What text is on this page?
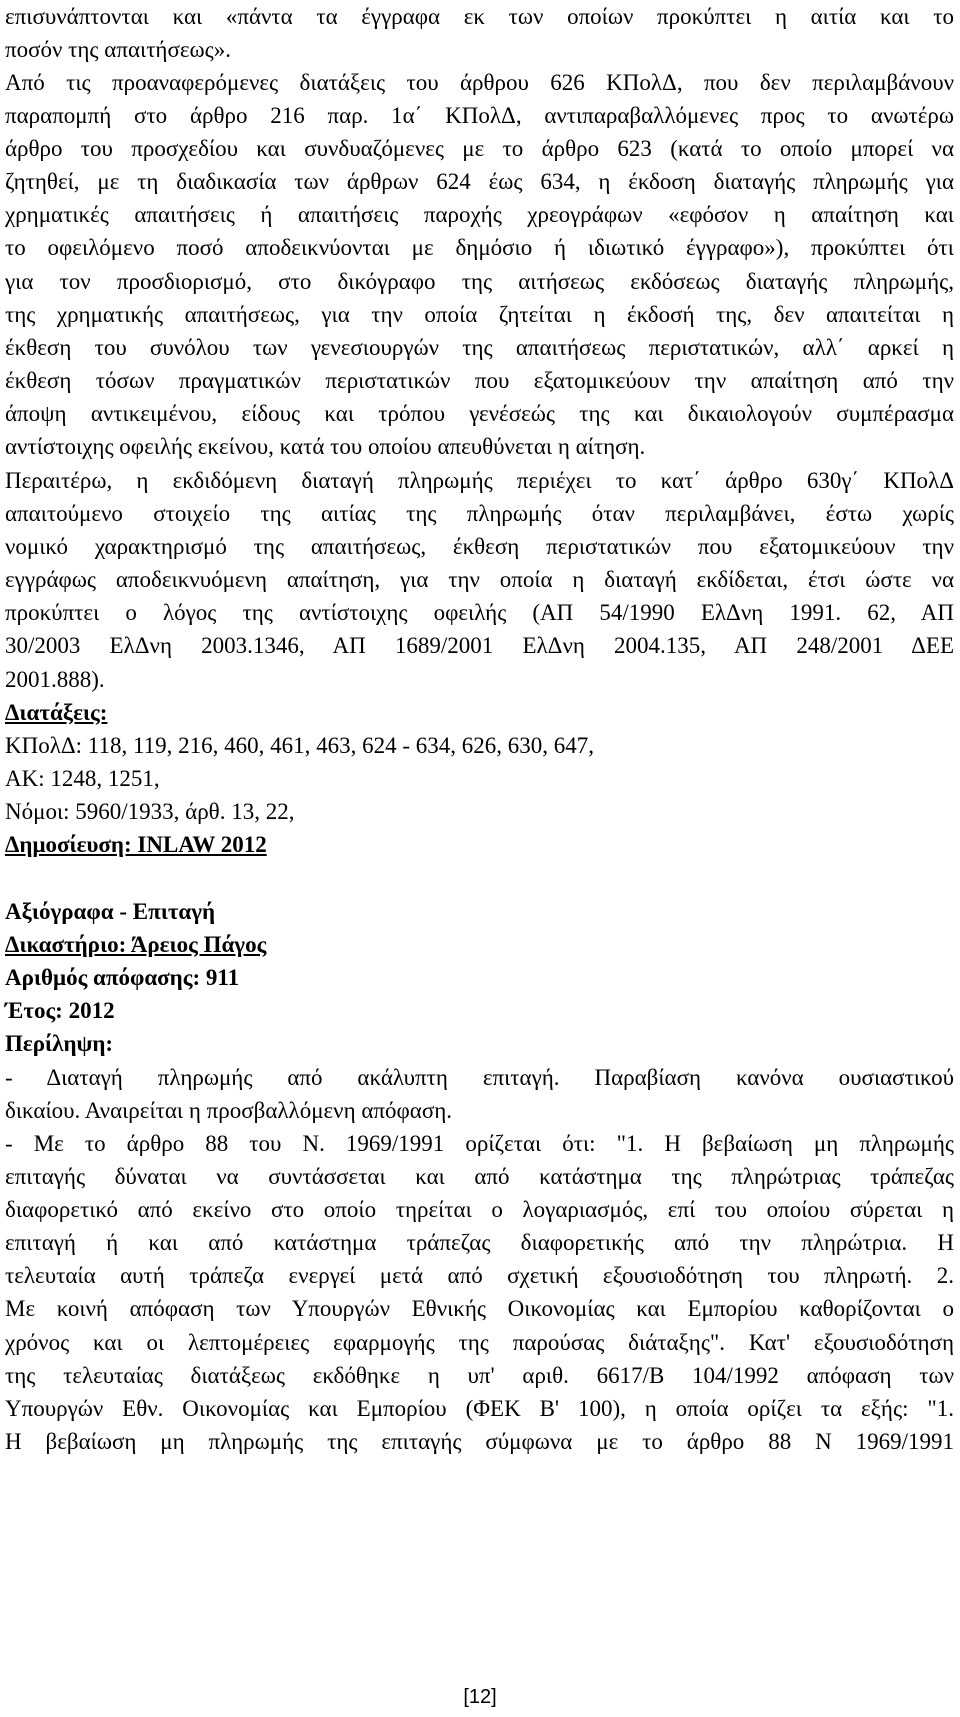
επισυνάπτονται και «πάντα τα έγγραφα εκ των οποίων προκύπτει η αιτία και το
ποσόν της απαιτήσεως».
Από τις προαναφερόμενες διατάξεις του άρθρου 626 ΚΠολΔ, που δεν περιλαμβάνουν
παραπομπή στο άρθρο 216 παρ. 1α΄ ΚΠολΔ, αντιπαραβαλλόμενες προς το ανωτέρω
άρθρο του προσχεδίου και συνδυαζόμενες με το άρθρο 623 (κατά το οποίο μπορεί να
ζητηθεί, με τη διαδικασία των άρθρων 624 έως 634, η έκδοση διαταγής πληρωμής για
χρηματικές απαιτήσεις ή απαιτήσεις παροχής χρεογράφων «εφόσον η απαίτηση και
το οφειλόμενο ποσό αποδεικνύονται με δημόσιο ή ιδιωτικό έγγραφο»), προκύπτει ότι
για τον προσδιορισμό, στο δικόγραφο της αιτήσεως εκδόσεως διαταγής πληρωμής,
της χρηματικής απαιτήσεως, για την οποία ζητείται η έκδοσή της, δεν απαιτείται η
έκθεση του συνόλου των γενεσιουργών της απαιτήσεως περιστατικών, αλλ΄ αρκεί η
έκθεση τόσων πραγματικών περιστατικών που εξατομικεύουν την απαίτηση από την
άποψη αντικειμένου, είδους και τρόπου γενέσεώς της και δικαιολογούν συμπέρασμα
αντίστοιχης οφειλής εκείνου, κατά του οποίου απευθύνεται η αίτηση.
Περαιτέρω, η εκδιδόμενη διαταγή πληρωμής περιέχει το κατ΄ άρθρο 630γ΄ ΚΠολΔ
απαιτούμενο στοιχείο της αιτίας της πληρωμής όταν περιλαμβάνει, έστω χωρίς
νομικό χαρακτηρισμό της απαιτήσεως, έκθεση περιστατικών που εξατομικεύουν την
εγγράφως αποδεικνυόμενη απαίτηση, για την οποία η διαταγή εκδίδεται, έτσι ώστε να
προκύπτει ο λόγος της αντίστοιχης οφειλής (ΑΠ 54/1990 ΕλΔνη 1991. 62, ΑΠ
30/2003 ΕλΔνη 2003.1346, ΑΠ 1689/2001 ΕλΔνη 2004.135, ΑΠ 248/2001 ΔΕΕ
2001.888).
Διατάξεις:
ΚΠολΔ: 118, 119, 216, 460, 461, 463, 624 - 634, 626, 630, 647,
ΑΚ: 1248, 1251,
Νόμοι: 5960/1933, άρθ. 13, 22,
Δημοσίευση: INLAW 2012
Αξιόγραφα - Επιταγή
Δικαστήριο: Άρειος Πάγος
Αριθμός απόφασης: 911
Έτος: 2012
Περίληψη:
- Διαταγή πληρωμής από ακάλυπτη επιταγή. Παραβίαση κανόνα ουσιαστικού
δικαίου. Αναιρείται η προσβαλλόμενη απόφαση.
- Με το άρθρο 88 του Ν. 1969/1991 ορίζεται ότι: "1. Η βεβαίωση μη πληρωμής
επιταγής δύναται να συντάσσεται και από κατάστημα της πληρώτριας τράπεζας
διαφορετικό από εκείνο στο οποίο τηρείται ο λογαριασμός, επί του οποίου σύρεται η
επιταγή ή και από κατάστημα τράπεζας διαφορετικής από την πληρώτρια. Η
τελευταία αυτή τράπεζα ενεργεί μετά από σχετική εξουσιοδότηση του πληρωτή. 2.
Με κοινή απόφαση των Υπουργών Εθνικής Οικονομίας και Εμπορίου καθορίζονται ο
χρόνος και οι λεπτομέρειες εφαρμογής της παρούσας διάταξης". Κατ' εξουσιοδότηση
της τελευταίας διατάξεως εκδόθηκε η υπ' αριθ. 6617/Β 104/1992 απόφαση των
Υπουργών Εθν. Οικονομίας και Εμπορίου (ΦΕΚ Β' 100), η οποία ορίζει τα εξής: "1.
Η βεβαίωση μη πληρωμής της επιταγής σύμφωνα με το άρθρο 88 Ν 1969/1991
[12]
